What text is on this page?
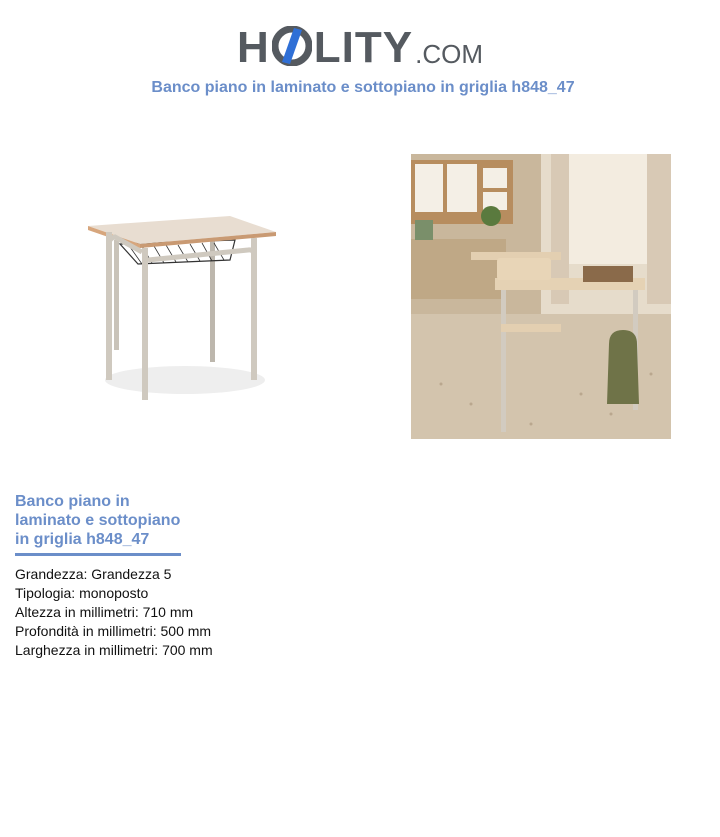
H LITY .COM
Banco piano in laminato e sottopiano in griglia h848_47
Banco piano in laminato e sottopiano in griglia h848_47
Grandezza: Grandezza 5
Tipologia: monoposto
Altezza in millimetri: 710 mm
Profondità in millimetri: 500 mm
Larghezza in millimetri: 700 mm
